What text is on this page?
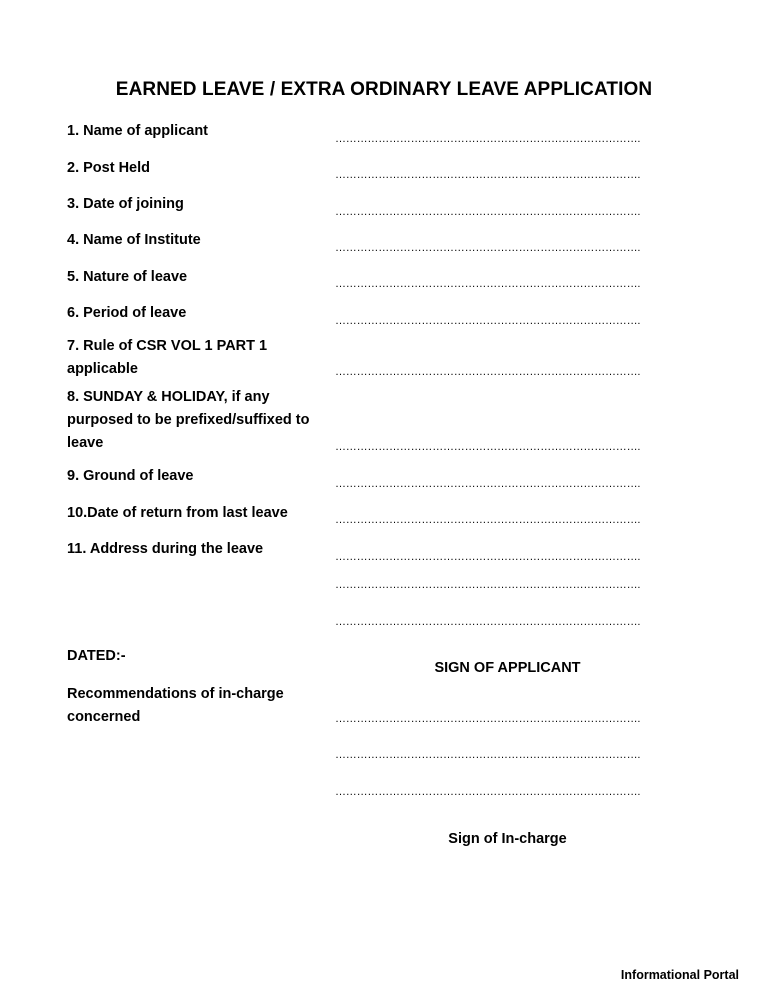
EARNED LEAVE / EXTRA ORDINARY LEAVE APPLICATION
1. Name of applicant
2. Post Held
3. Date of joining
4. Name of Institute
5. Nature of leave
6. Period of leave
7. Rule of CSR VOL 1 PART 1 applicable
8. SUNDAY & HOLIDAY, if any purposed to be prefixed/suffixed to leave
9. Ground of leave
10.Date of return from last leave
11. Address during the leave
………………………………………………………………………….
………………………………………………………………………….
………………………………………………………………………….
………………………………………………………………………….
………………………………………………………………………….
………………………………………………………………………….
………………………………………………………………………….
………………………………………………………………………….
………………………………………………………………………….
………………………………………………………………………….
………………………………………………………………………….
………………………………………………………………………….
………………………………………………………………………….
DATED:-
SIGN OF APPLICANT
Recommendations of in-charge concerned	………………………………………………………………………….
………………………………………………………………………….
………………………………………………………………………….
Sign of In-charge
Informational Portal
